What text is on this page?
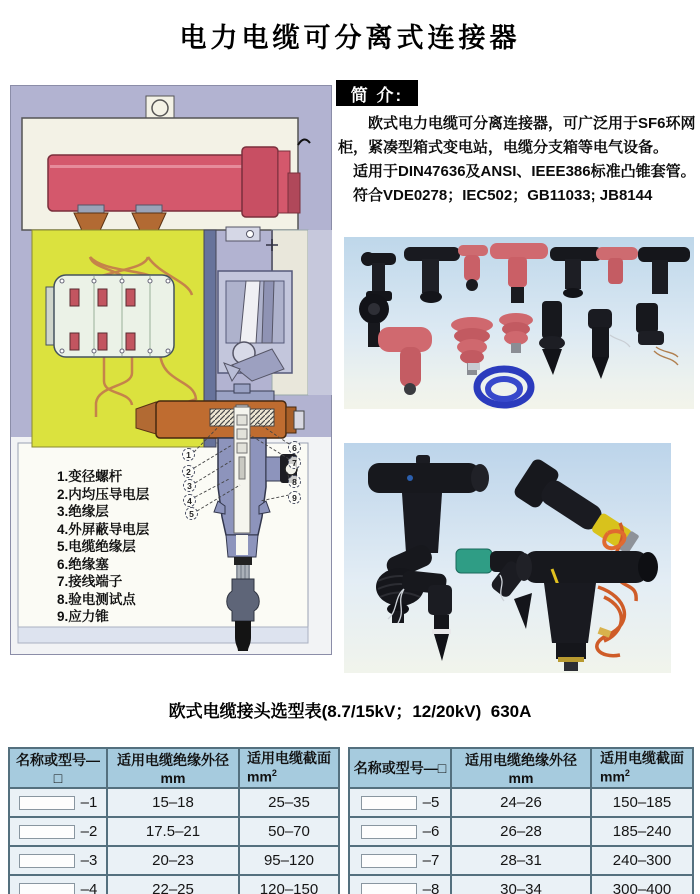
电力电缆可分离式连接器
1.变径螺杆
2.内均压导电层
3.绝缘层
4.外屏蔽导电层
5.电缆绝缘层
6.绝缘塞
7.接线端子
8.验电测试点
9.应力锥
1
2
3
4
5
6
7
8
9
简 介:

欧式电力电缆可分离连接器，可广泛用于SF6环网柜，紧凑型箱式变电站，电缆分支箱等电气设备。

适用于DIN47636及ANSI、IEEE386标准凸锥套管。

符合VDE0278；IEC502；GB11033; JB8144

欧式电缆接头选型表(8.7/15kV；12/20kV)  630A
名称或型号—□	适用电缆绝缘外径mm	适用电缆截面
$mm^2$

–1	15–18	25–35

–2	17.5–21	50–70

–3	20–23	95–120

–4	22–25	120–150
名称或型号—□	适用电缆绝缘外径mm	适用电缆截面
$mm^2$

–5	24–26	150–185

–6	26–28	185–240

–7	28–31	240–300

–8	30–34	300–400
